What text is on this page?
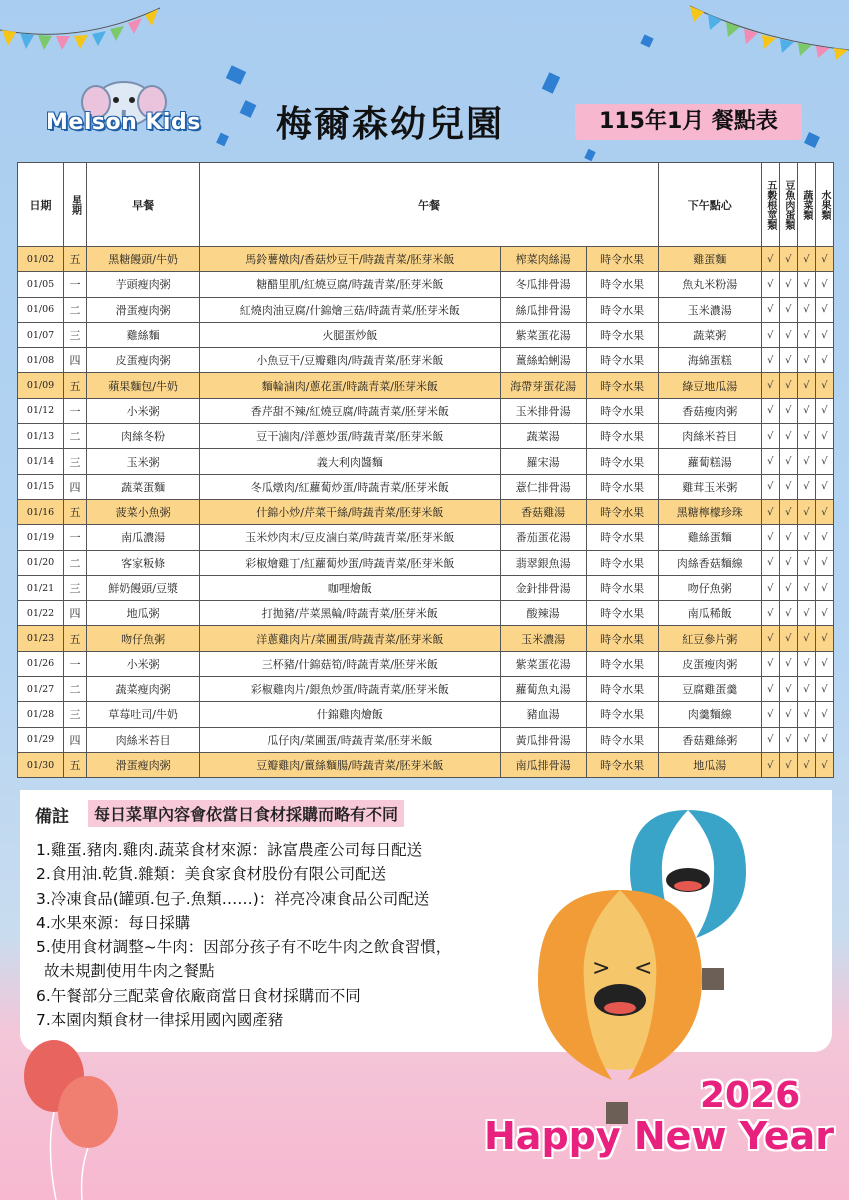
Melson Kids 梅爾森幼兒園	115年1月 餐點表
日期	星期	早餐	午餐			下午點心	五穀根莖類	豆魚肉蛋類	蔬菜類	水果類

01/02	五	黑糖饅頭/牛奶	馬鈴薯燉肉/香菇炒豆干/時蔬青菜/胚芽米飯	榨菜肉絲湯	時令水果	雞蛋麵	√	√	√	√
01/05	一	芋頭瘦肉粥	糖醋里肌/紅燒豆腐/時蔬青菜/胚芽米飯	冬瓜排骨湯	時令水果	魚丸米粉湯	√	√	√	√
01/06	二	滑蛋瘦肉粥	紅燒肉油豆腐/什錦燴三菇/時蔬青菜/胚芽米飯	絲瓜排骨湯	時令水果	玉米濃湯	√	√	√	√
01/07	三	雞絲麵	火腿蛋炒飯	紫菜蛋花湯	時令水果	蔬菜粥	√	√	√	√
01/08	四	皮蛋瘦肉粥	小魚豆干/豆瓣雞肉/時蔬青菜/胚芽米飯	薑絲蛤蜊湯	時令水果	海綿蛋糕	√	√	√	√
01/09	五	蘋果麵包/牛奶	麵輪滷肉/蔥花蛋/時蔬青菜/胚芽米飯	海帶芽蛋花湯	時令水果	綠豆地瓜湯	√	√	√	√
01/12	一	小米粥	香芹甜不辣/紅燒豆腐/時蔬青菜/胚芽米飯	玉米排骨湯	時令水果	香菇瘦肉粥	√	√	√	√
01/13	二	肉絲冬粉	豆干滷肉/洋蔥炒蛋/時蔬青菜/胚芽米飯	蔬菜湯	時令水果	肉絲米苔目	√	√	√	√
01/14	三	玉米粥	義大利肉醬麵	羅宋湯	時令水果	蘿蔔糕湯	√	√	√	√
01/15	四	蔬菜蛋麵	冬瓜燉肉/紅蘿蔔炒蛋/時蔬青菜/胚芽米飯	薏仁排骨湯	時令水果	雞茸玉米粥	√	√	√	√
01/16	五	菠菜小魚粥	什錦小炒/芹菜干絲/時蔬青菜/胚芽米飯	香菇雞湯	時令水果	黑糖檸檬珍珠	√	√	√	√
01/19	一	南瓜濃湯	玉米炒肉末/豆皮滷白菜/時蔬青菜/胚芽米飯	番茄蛋花湯	時令水果	雞絲蛋麵	√	√	√	√
01/20	二	客家粄條	彩椒燴雞丁/紅蘿蔔炒蛋/時蔬青菜/胚芽米飯	翡翠銀魚湯	時令水果	肉絲香菇麵線	√	√	√	√
01/21	三	鮮奶饅頭/豆漿	咖哩燴飯	金針排骨湯	時令水果	吻仔魚粥	√	√	√	√
01/22	四	地瓜粥	打拋豬/芹菜黑輪/時蔬青菜/胚芽米飯	酸辣湯	時令水果	南瓜稀飯	√	√	√	√
01/23	五	吻仔魚粥	洋蔥雞肉片/菜圃蛋/時蔬青菜/胚芽米飯	玉米濃湯	時令水果	紅豆參片粥	√	√	√	√
01/26	一	小米粥	三杯豬/什錦菇筍/時蔬青菜/胚芽米飯	紫菜蛋花湯	時令水果	皮蛋瘦肉粥	√	√	√	√
01/27	二	蔬菜瘦肉粥	彩椒雞肉片/銀魚炒蛋/時蔬青菜/胚芽米飯	蘿蔔魚丸湯	時令水果	豆腐雞蛋羹	√	√	√	√
01/28	三	草莓吐司/牛奶	什錦雞肉燴飯	豬血湯	時令水果	肉羹麵線	√	√	√	√
01/29	四	肉絲米苔目	瓜仔肉/菜圃蛋/時蔬青菜/胚芽米飯	黃瓜排骨湯	時令水果	香菇雞絲粥	√	√	√	√
01/30	五	滑蛋瘦肉粥	豆瓣雞肉/薑絲麵腸/時蔬青菜/胚芽米飯	南瓜排骨湯	時令水果	地瓜湯	√	√	√	√
備註	每日菜單內容會依當日食材採購而略有不同
1.雞蛋.豬肉.雞肉.蔬菜食材來源：詠富農產公司每日配送
2.食用油.乾貨.雜類：美食家食材股份有限公司配送
3.冷凍食品(罐頭.包子.魚類……)：祥亮冷凍食品公司配送
4.水果來源：每日採購
5.使用食材調整~牛肉：因部分孩子有不吃牛肉之飲食習慣，
故未規劃使用牛肉之餐點
6.午餐部分三配菜會依廠商當日食材採購而不同
7.本園肉類食材一律採用國內國產豬
> <
2026
Happy New Year
